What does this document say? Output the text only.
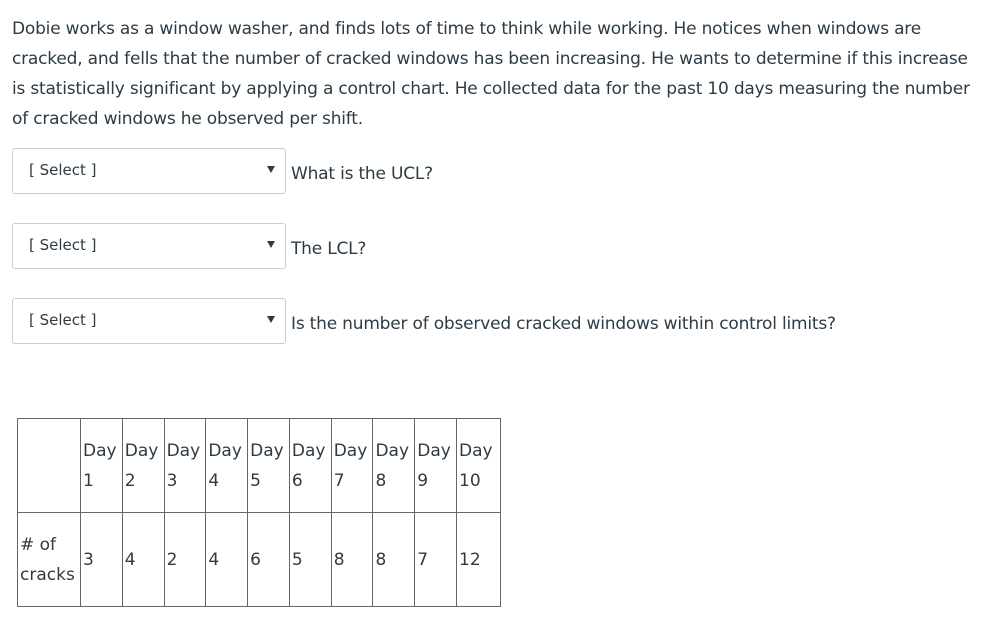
Dobie works as a window washer, and finds lots of time to think while working. He notices when windows are cracked, and fells that the number of cracked windows has been increasing. He wants to determine if this increase is statistically significant by applying a control chart. He collected data for the past 10 days measuring the number of cracked windows he observed per shift.

[ Select ]	What is the UCL?
[ Select ]	The LCL?
[ Select ]	Is the number of observed cracked windows within control limits?
	Day 1	Day 2	Day 3	Day 4	Day 5	Day 6	Day 7	Day 8	Day 9	Day 10
# of cracks	3	4	2	4	6	5	8	8	7	12
